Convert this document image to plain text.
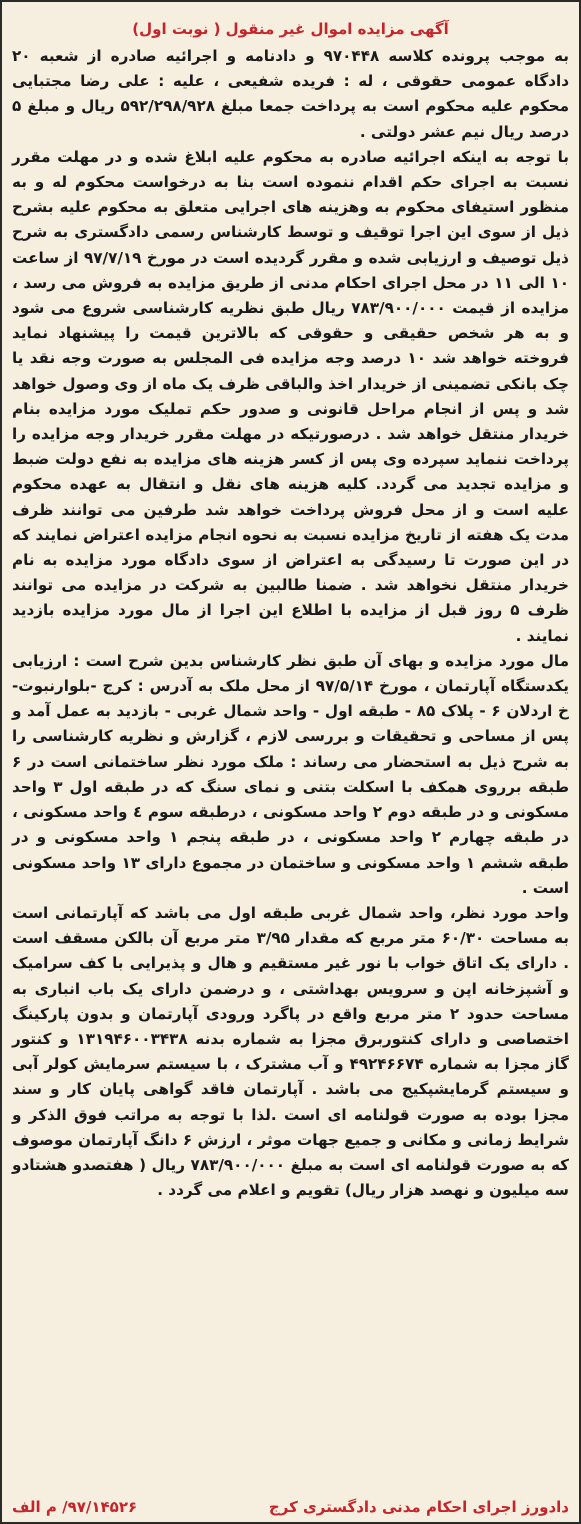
آگهی مزایده اموال غیر منقول ( نوبت اول)

به موجب پرونده کلاسه ۹۷۰۴۴۸ و دادنامه و اجرائیه صادره از شعبه ۲۰ دادگاه عمومی حقوقی ، له : فریده شفیعی ، علیه : علی رضا مجتبایی محکوم علیه محکوم است به پرداخت جمعا مبلغ ۵۹۲/۲۹۸/۹۲۸ ریال و مبلغ ۵ درصد ریال نیم عشر دولتی .

با توجه به اینکه اجرائیه صادره به محکوم علیه ابلاغ شده و در مهلت مقرر نسبت به اجرای حکم اقدام ننموده است بنا به درخواست محکوم له و به منظور استیفای محکوم به وهزینه های اجرایی متعلق به محکوم علیه بشرح ذیل از سوی این اجرا توقیف و توسط کارشناس رسمی دادگستری به شرح ذیل توصیف و ارزیابی شده و مقرر گردیده است در مورخ ۹۷/۷/۱۹ از ساعت ۱۰ الی ۱۱ در محل اجرای احکام مدنی از طریق مزایده به فروش می رسد ، مزایده از قیمت ۷۸۳/۹۰۰/۰۰۰ ریال طبق نظریه کارشناسی شروع می شود و به هر شخص حقیقی و حقوقی که بالاترین قیمت را پیشنهاد نماید فروخته خواهد شد ۱۰ درصد وجه مزایده فی المجلس به صورت وجه نقد یا چک بانکی تضمینی از خریدار اخذ والباقی ظرف یک ماه از وی وصول خواهد شد و پس از انجام مراحل قانونی و صدور حکم تملیک مورد مزایده بنام خریدار منتقل خواهد شد . درصورتیکه در مهلت مقرر خریدار وجه مزایده را پرداخت ننماید سپرده وی پس از کسر هزینه های مزایده به نفع دولت ضبط و مزایده تجدید می گردد. کلیه هزینه های نقل و انتقال به عهده محکوم علیه است و از محل فروش پرداخت خواهد شد طرفین می توانند ظرف مدت یک هفته از تاریخ مزایده نسبت به نحوه انجام مزایده اعتراض نمایند که در این صورت تا رسیدگی به اعتراض از سوی دادگاه مورد مزایده به نام خریدار منتقل نخواهد شد . ضمنا طالبین به شرکت در مزایده می توانند ظرف ۵ روز قبل از مزایده با اطلاع این اجرا از مال مورد مزایده بازدید نمایند .

مال مورد مزایده و بهای آن طبق نظر کارشناس بدین شرح است : ارزیابی یکدستگاه آپارتمان ، مورخ ۹۷/۵/۱۴ از محل ملک به آدرس : کرج -بلوارنبوت- خ اردلان ۶ - پلاک ۸۵ - طبقه اول - واحد شمال غربی - بازدید به عمل آمد و پس از مساحی و تحقیقات و بررسی لازم ، گزارش و نظریه کارشناسی را به شرح ذیل به استحضار می رساند : ملک مورد نظر ساختمانی است در ۶ طبقه برروی همکف با اسکلت بتنی و نمای سنگ که در طبقه اول ۳ واحد مسکونی و در طبقه دوم ۲ واحد مسکونی ، درطبقه سوم ٤ واحد مسکونی ، در طبقه چهارم ۲ واحد مسکونی ، در طبقه پنجم ۱ واحد مسکونی و در طبقه ششم ۱ واحد مسکونی و ساختمان در مجموع دارای ۱۳ واحد مسکونی است .

واحد مورد نظر، واحد شمال غربی طبقه اول می باشد که آپارتمانی است به مساحت ۶۰/۳۰ متر مربع که مقدار ۳/۹۵ متر مربع آن بالکن مسقف است . دارای یک اتاق خواب با نور غیر مستقیم و هال و پذیرایی با کف سرامیک و آشپزخانه اپن و سرویس بهداشتی ، و درضمن دارای یک باب انباری به مساحت حدود ۲ متر مربع واقع در پاگرد ورودی آپارتمان و بدون پارکینگ اختصاصی و دارای کنتوربرق مجزا به شماره بدنه ۱۳۱۹۴۶۰۰۳۴۳۸ و کنتور گاز مجزا به شماره ۴۹۲۴۶۶۷۴ و آب مشترک ، با سیستم سرمایش کولر آبی و سیستم گرمایشپکیج می باشد . آپارتمان فاقد گواهی پایان کار و سند مجزا بوده به صورت قولنامه ای است .لذا با توجه به مراتب فوق الذکر و شرایط زمانی و مکانی و جمیع جهات موثر ، ارزش ۶ دانگ آپارتمان موصوف که به صورت قولنامه ای است به مبلغ ۷۸۳/۹۰۰/۰۰۰ ریال ( هفتصدو هشتادو سه میلیون و نهصد هزار ریال) تقویم و اعلام می گردد .

دادورز اجرای احکام مدنی دادگستری کرج
۹۷/۱۴۵۲۶/ م الف
